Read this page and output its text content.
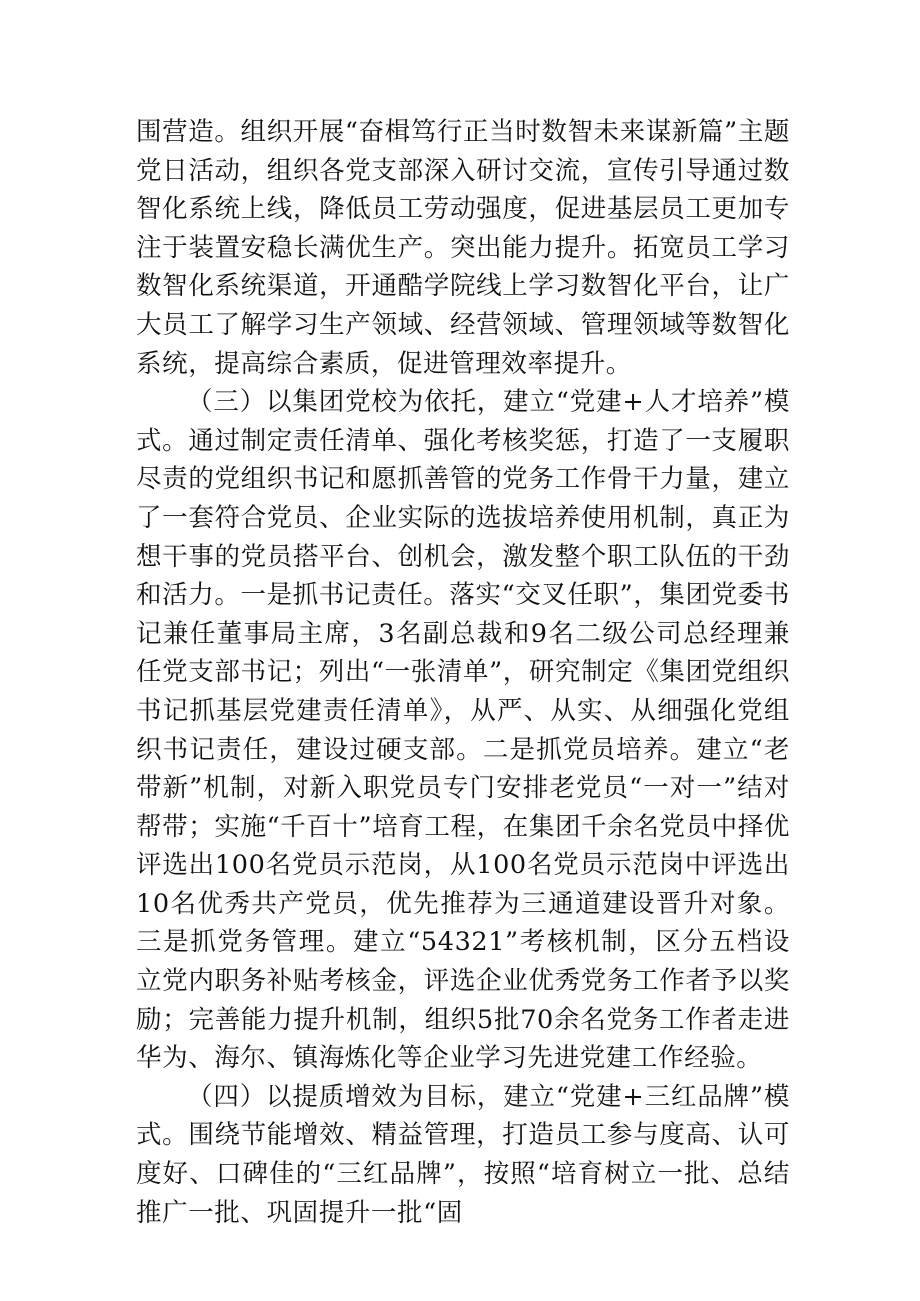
围营造。组织开展“奋楫笃行正当时数智未来谋新篇”主题党日活动，组织各党支部深入研讨交流，宣传引导通过数智化系统上线，降低员工劳动强度，促进基层员工更加专注于装置安稳长满优生产。突出能力提升。拓宽员工学习数智化系统渠道，开通酷学院线上学习数智化平台，让广大员工了解学习生产领域、经营领域、管理领域等数智化系统，提高综合素质，促进管理效率提升。

（三）以集团党校为依托，建立“党建+人才培养”模式。通过制定责任清单、强化考核奖惩，打造了一支履职尽责的党组织书记和愿抓善管的党务工作骨干力量，建立了一套符合党员、企业实际的选拔培养使用机制，真正为想干事的党员搭平台、创机会，激发整个职工队伍的干劲和活力。一是抓书记责任。落实“交叉任职”，集团党委书记兼任董事局主席，3名副总裁和9名二级公司总经理兼任党支部书记；列出“一张清单”，研究制定《集团党组织书记抓基层党建责任清单》，从严、从实、从细强化党组织书记责任，建设过硬支部。二是抓党员培养。建立“老带新”机制，对新入职党员专门安排老党员“一对一”结对帮带；实施“千百十”培育工程，在集团千余名党员中择优评选出100名党员示范岗，从100名党员示范岗中评选出10名优秀共产党员，优先推荐为三通道建设晋升对象。三是抓党务管理。建立“54321”考核机制，区分五档设立党内职务补贴考核金，评选企业优秀党务工作者予以奖励；完善能力提升机制，组织5批70余名党务工作者走进华为、海尔、镇海炼化等企业学习先进党建工作经验。

（四）以提质增效为目标，建立“党建+三红品牌”模式。围绕节能增效、精益管理，打造员工参与度高、认可度好、口碑佳的“三红品牌”，按照“培育树立一批、总结推广一批、巩固提升一批“固
